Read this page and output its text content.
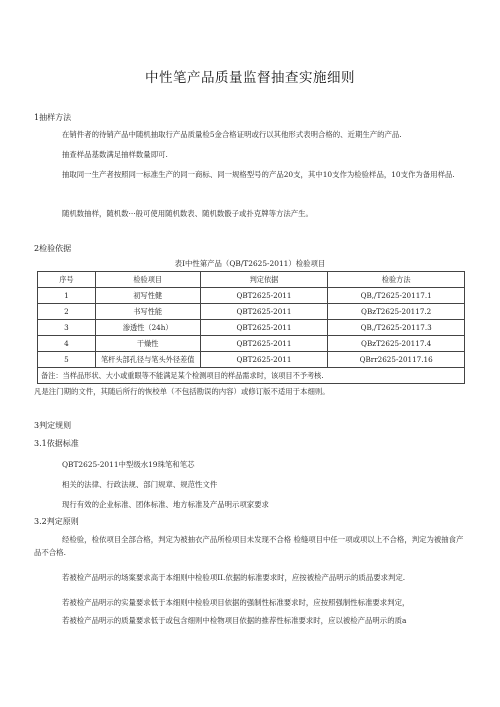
中性笔产品质量监督抽查实施细则
1抽样方法
在销件者的待销产品中随机抽取行产品质量检5金合格证明或行以其他形式表明合格的、近期生产的产品.
抽查样品基数满足抽样数量即可.
抽取同一生产者按照同一标准生产的同一商标、同一规格型号的产品20支，其中10支作为检验样品，10支作为备用样品.
随机数抽样，随机数···般可使用随机数表、随机数骰子或扑克牌等方法产生。
2检验依据
表I中性第产品（QB/T2625-2011）检验项目
序号	检验项目	判定依据	检验方法
1	初写性健	QBT2625-2011	QB,/T2625-20117.1
2	书写性能	QBT2625-2011	QBzT2625-20117.2
3	渗透性（24h）	QBT2625-2011	QB,/T2625-20117.3
4	干燥性	QBT2625-2011	QBzT2625-20117.4
5	笔杆头部孔径与笔头外径差值	QBT2625-2011	QBrr2625-20117.16
备注：当样品形状、大小或重眼等不能满足某个检测项目的样品需求时，该项目不予考核.			
凡是注门期的文件，其随后所行的恢校单（不包括勘误的内容）或修订版不适用于本细则。
3判定规则
3.1依据标准
QBT2625-2011中型级水19珠笔和笔芯
相关的法律、行政法规、部门规章、规范性文件
现行有效的企业标准、团体标准、地方标准及产品明示项家要求
3.2判定原则
经检验，检依项目全部合格，判定为被抽衣产品所检项目未发现不合格 检缝项目中任一项或项以上不合格，判定为被抽食产品不合格.
若被检产品明示的场案要求高于本细则中检验项II.依据的标准要求时，应按被检产品明示的质品要求判定.
若被检产品明示的实量要求低于本细则中检验项目依据的强制性标准要求时，应按照强制性标准要求判定，
若被检产品明示的质量要求低于或包含细则中检物项目依据的推荐性标准要求时，应以被检产品明示的质a
